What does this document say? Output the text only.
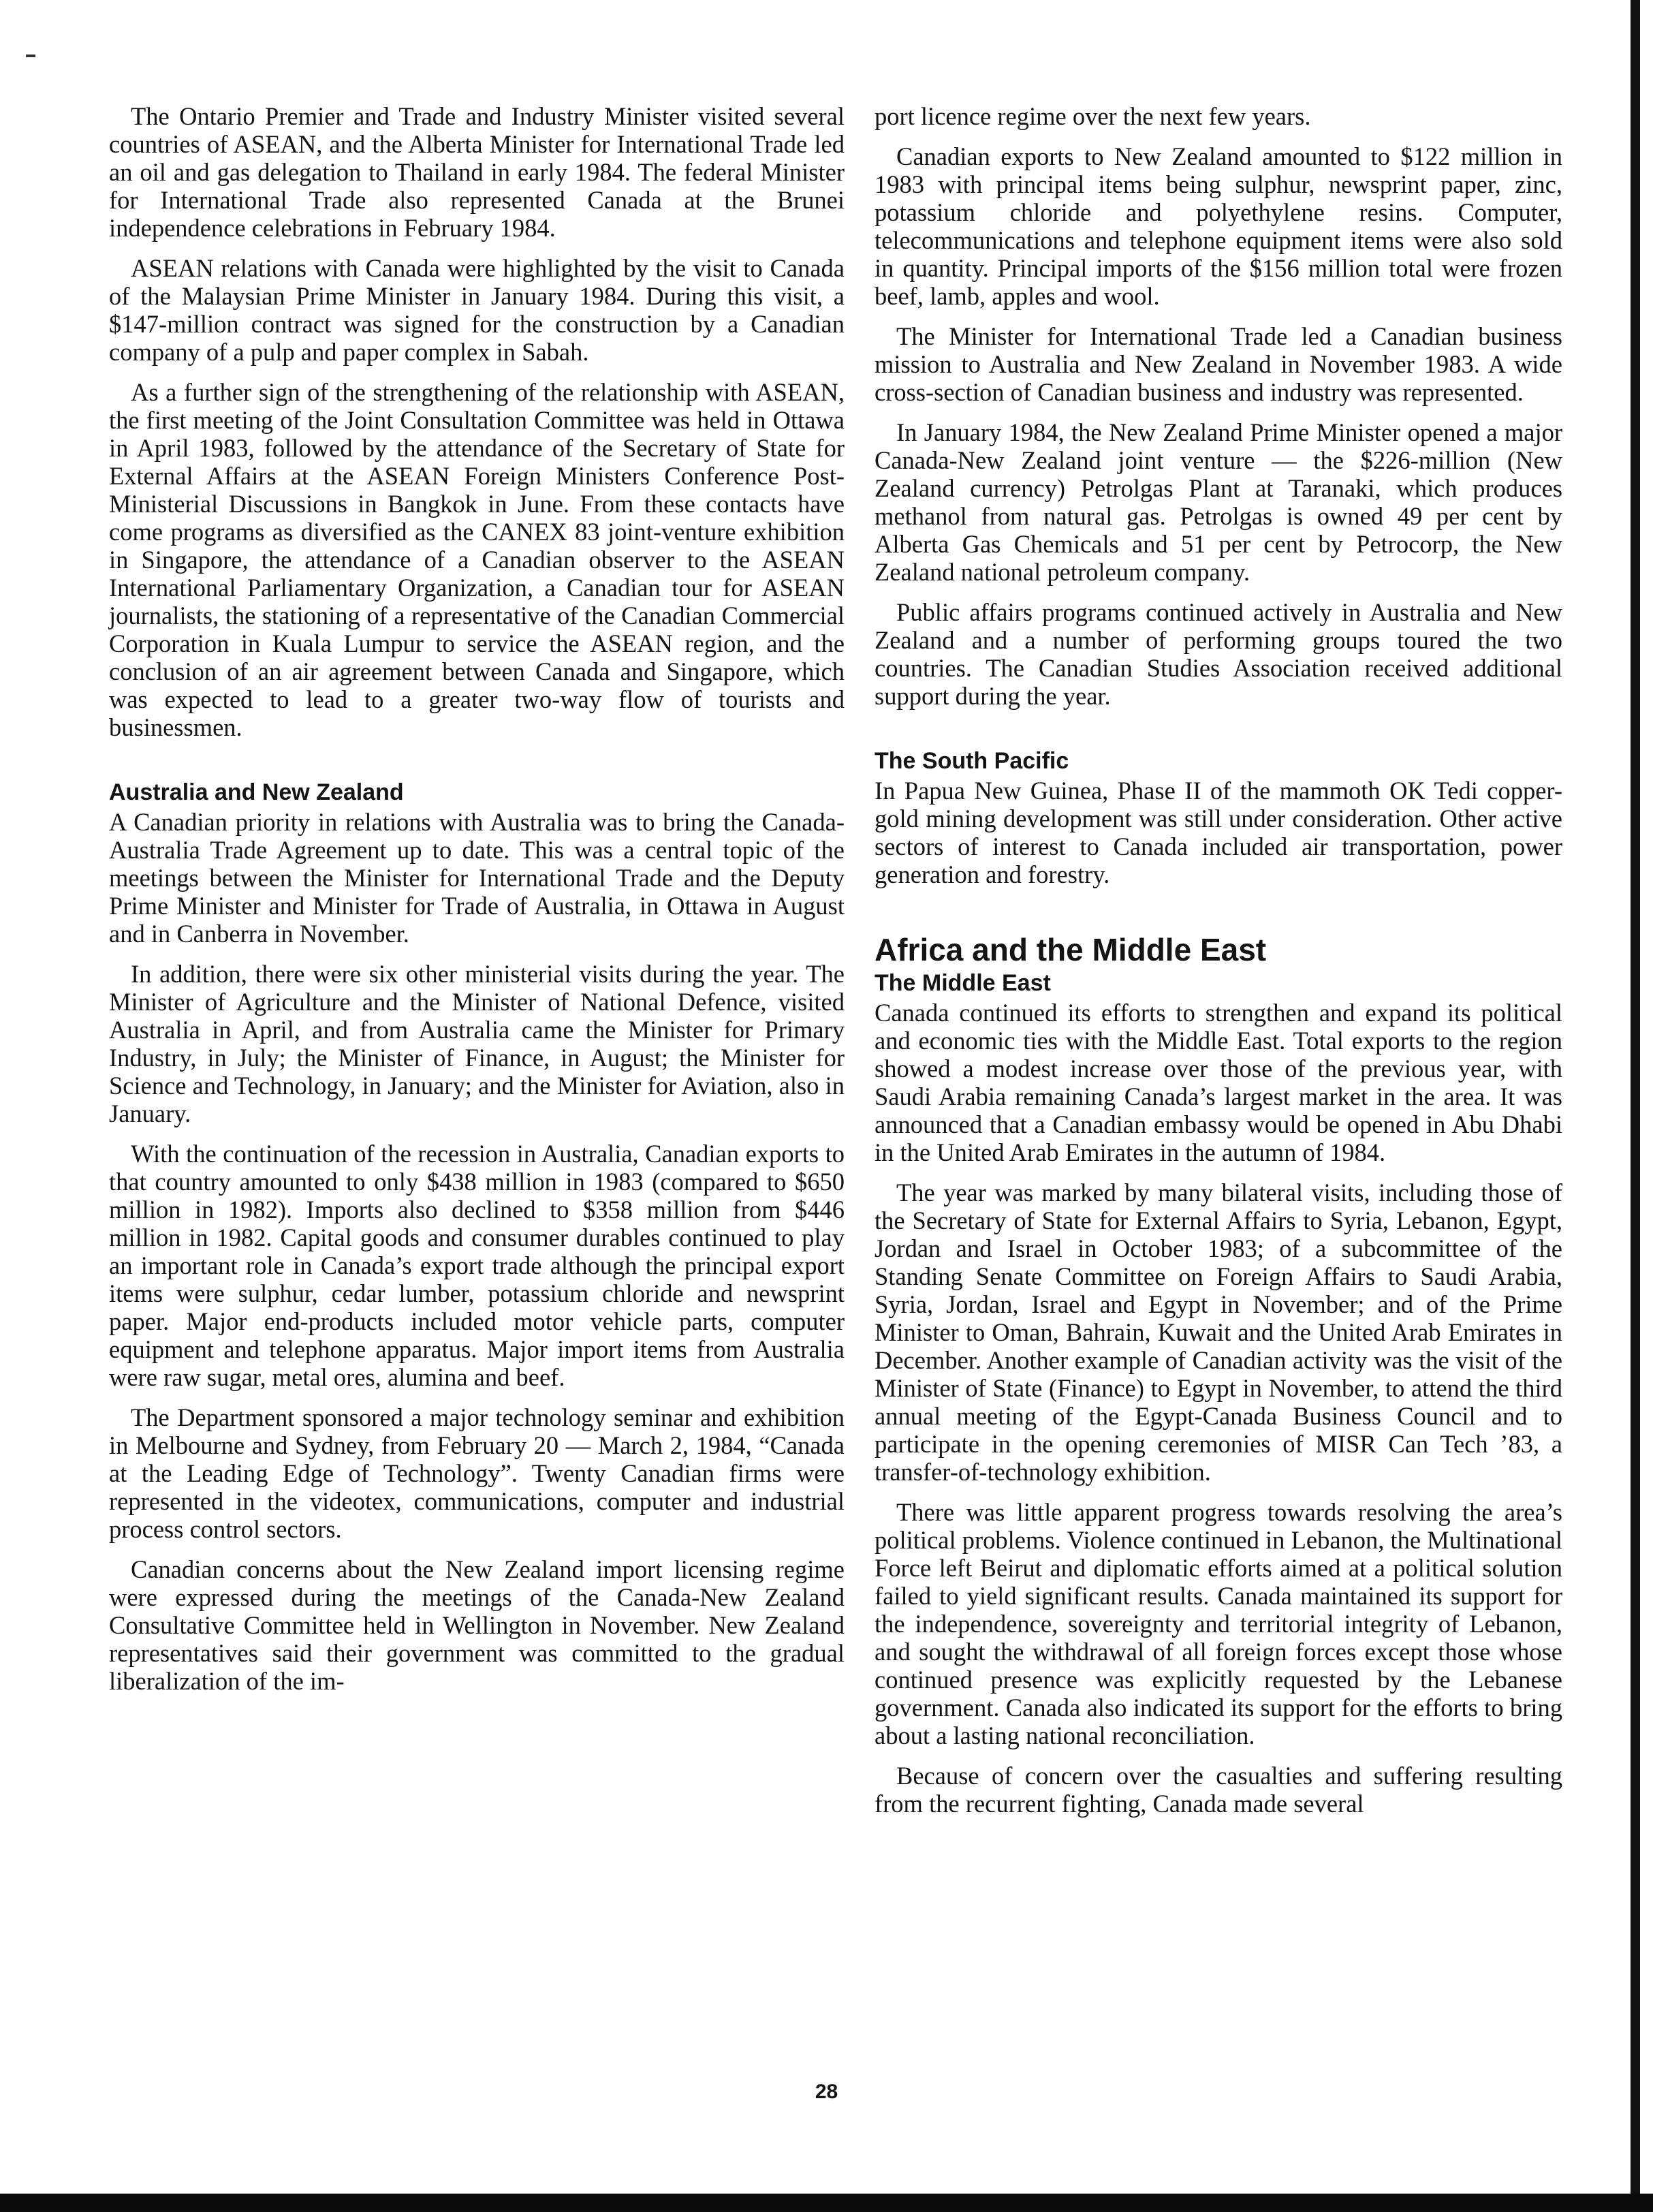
The Ontario Premier and Trade and Industry Minister visited several countries of ASEAN, and the Alberta Minister for International Trade led an oil and gas delegation to Thailand in early 1984. The federal Minister for International Trade also represented Canada at the Brunei independence celebrations in February 1984.

ASEAN relations with Canada were highlighted by the visit to Canada of the Malaysian Prime Minister in January 1984. During this visit, a $147-million contract was signed for the construction by a Canadian company of a pulp and paper complex in Sabah.

As a further sign of the strengthening of the relationship with ASEAN, the first meeting of the Joint Consultation Committee was held in Ottawa in April 1983, followed by the attendance of the Secretary of State for External Affairs at the ASEAN Foreign Ministers Conference Post-Ministerial Discussions in Bangkok in June. From these contacts have come programs as diversified as the CANEX 83 joint-venture exhibition in Singapore, the attendance of a Canadian observer to the ASEAN International Parliamentary Organization, a Canadian tour for ASEAN journalists, the stationing of a representative of the Canadian Commercial Corporation in Kuala Lumpur to service the ASEAN region, and the conclusion of an air agreement between Canada and Singapore, which was expected to lead to a greater two-way flow of tourists and businessmen.

Australia and New Zealand

A Canadian priority in relations with Australia was to bring the Canada-Australia Trade Agreement up to date. This was a central topic of the meetings between the Minister for International Trade and the Deputy Prime Minister and Minister for Trade of Australia, in Ottawa in August and in Canberra in November.

In addition, there were six other ministerial visits during the year. The Minister of Agriculture and the Minister of National Defence, visited Australia in April, and from Australia came the Minister for Primary Industry, in July; the Minister of Finance, in August; the Minister for Science and Technology, in January; and the Minister for Aviation, also in January.

With the continuation of the recession in Australia, Canadian exports to that country amounted to only $438 million in 1983 (compared to $650 million in 1982). Imports also declined to $358 million from $446 million in 1982. Capital goods and consumer durables continued to play an important role in Canada’s export trade although the principal export items were sulphur, cedar lumber, potassium chloride and newsprint paper. Major end-products included motor vehicle parts, computer equipment and telephone apparatus. Major import items from Australia were raw sugar, metal ores, alumina and beef.

The Department sponsored a major technology seminar and exhibition in Melbourne and Sydney, from February 20 — March 2, 1984, “Canada at the Leading Edge of Technology”. Twenty Canadian firms were represented in the videotex, communications, computer and industrial process control sectors.

Canadian concerns about the New Zealand import licensing regime were expressed during the meetings of the Canada-New Zealand Consultative Committee held in Wellington in November. New Zealand representatives said their government was committed to the gradual liberalization of the im-

port licence regime over the next few years.

Canadian exports to New Zealand amounted to $122 million in 1983 with principal items being sulphur, newsprint paper, zinc, potassium chloride and polyethylene resins. Computer, telecommunications and telephone equipment items were also sold in quantity. Principal imports of the $156 million total were frozen beef, lamb, apples and wool.

The Minister for International Trade led a Canadian business mission to Australia and New Zealand in November 1983. A wide cross-section of Canadian business and industry was represented.

In January 1984, the New Zealand Prime Minister opened a major Canada-New Zealand joint venture — the $226-million (New Zealand currency) Petrolgas Plant at Taranaki, which produces methanol from natural gas. Petrolgas is owned 49 per cent by Alberta Gas Chemicals and 51 per cent by Petrocorp, the New Zealand national petroleum company.

Public affairs programs continued actively in Australia and New Zealand and a number of performing groups toured the two countries. The Canadian Studies Association received additional support during the year.

The South Pacific

In Papua New Guinea, Phase II of the mammoth OK Tedi copper-gold mining development was still under consideration. Other active sectors of interest to Canada included air transportation, power generation and forestry.

Africa and the Middle East
The Middle East

Canada continued its efforts to strengthen and expand its political and economic ties with the Middle East. Total exports to the region showed a modest increase over those of the previous year, with Saudi Arabia remaining Canada’s largest market in the area. It was announced that a Canadian embassy would be opened in Abu Dhabi in the United Arab Emirates in the autumn of 1984.

The year was marked by many bilateral visits, including those of the Secretary of State for External Affairs to Syria, Lebanon, Egypt, Jordan and Israel in October 1983; of a subcommittee of the Standing Senate Committee on Foreign Affairs to Saudi Arabia, Syria, Jordan, Israel and Egypt in November; and of the Prime Minister to Oman, Bahrain, Kuwait and the United Arab Emirates in December. Another example of Canadian activity was the visit of the Minister of State (Finance) to Egypt in November, to attend the third annual meeting of the Egypt-Canada Business Council and to participate in the opening ceremonies of MISR Can Tech ’83, a transfer-of-technology exhibition.

There was little apparent progress towards resolving the area’s political problems. Violence continued in Lebanon, the Multinational Force left Beirut and diplomatic efforts aimed at a political solution failed to yield significant results. Canada maintained its support for the independence, sovereignty and territorial integrity of Lebanon, and sought the withdrawal of all foreign forces except those whose continued presence was explicitly requested by the Lebanese government. Canada also indicated its support for the efforts to bring about a lasting national reconciliation.

Because of concern over the casualties and suffering resulting from the recurrent fighting, Canada made several

28
